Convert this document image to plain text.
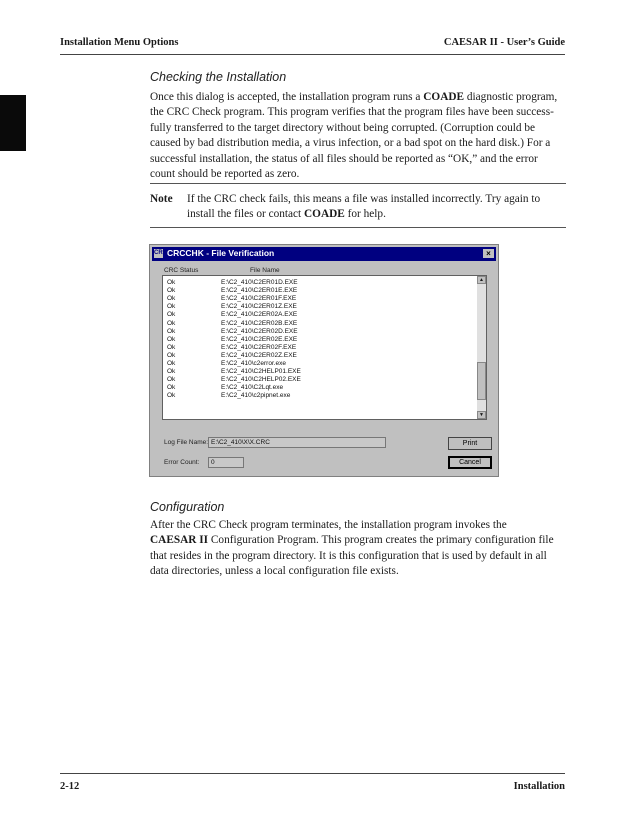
Installation Menu Options	CAESAR II - User’s Guide
Checking the Installation
Once this dialog is accepted, the installation program runs a COADE diagnostic program,
the CRC Check program. This program verifies that the program files have been success-
fully transferred to the target directory without being corrupted. (Corruption could be
caused by bad distribution media, a virus infection, or a bad spot on the hard disk.) For a
successful installation, the status of all files should be reported as “OK,” and the error
count should be reported as zero.
Note If the CRC check fails, this means a file was installed incorrectly. Try again to
install the files or contact COADE for help.
CRC CRCCHK - File Verification	×
CRC Status	File Name
Ok	E:\C2_410\C2ER01D.EXE
Ok	E:\C2_410\C2ER01E.EXE
Ok	E:\C2_410\C2ER01F.EXE
Ok	E:\C2_410\C2ER01Z.EXE
Ok	E:\C2_410\C2ER02A.EXE
Ok	E:\C2_410\C2ER02B.EXE
Ok	E:\C2_410\C2ER02D.EXE
Ok	E:\C2_410\C2ER02E.EXE
Ok	E:\C2_410\C2ER02F.EXE
Ok	E:\C2_410\C2ER02Z.EXE
Ok	E:\C2_410\c2error.exe
Ok	E:\C2_410\C2HELP01.EXE
Ok	E:\C2_410\C2HELP02.EXE
Ok	E:\C2_410\C2Lqt.exe
Ok	E:\C2_410\c2pipnet.exe
▲
▼
Log File Name: E:\C2_410\X\X.CRC
Error Count:	0
Print
Cancel
Configuration
After the CRC Check program terminates, the installation program invokes the
CAESAR II Configuration Program. This program creates the primary configuration file
that resides in the program directory. It is this configuration that is used by default in all
data directories, unless a local configuration file exists.
2-12	Installation
